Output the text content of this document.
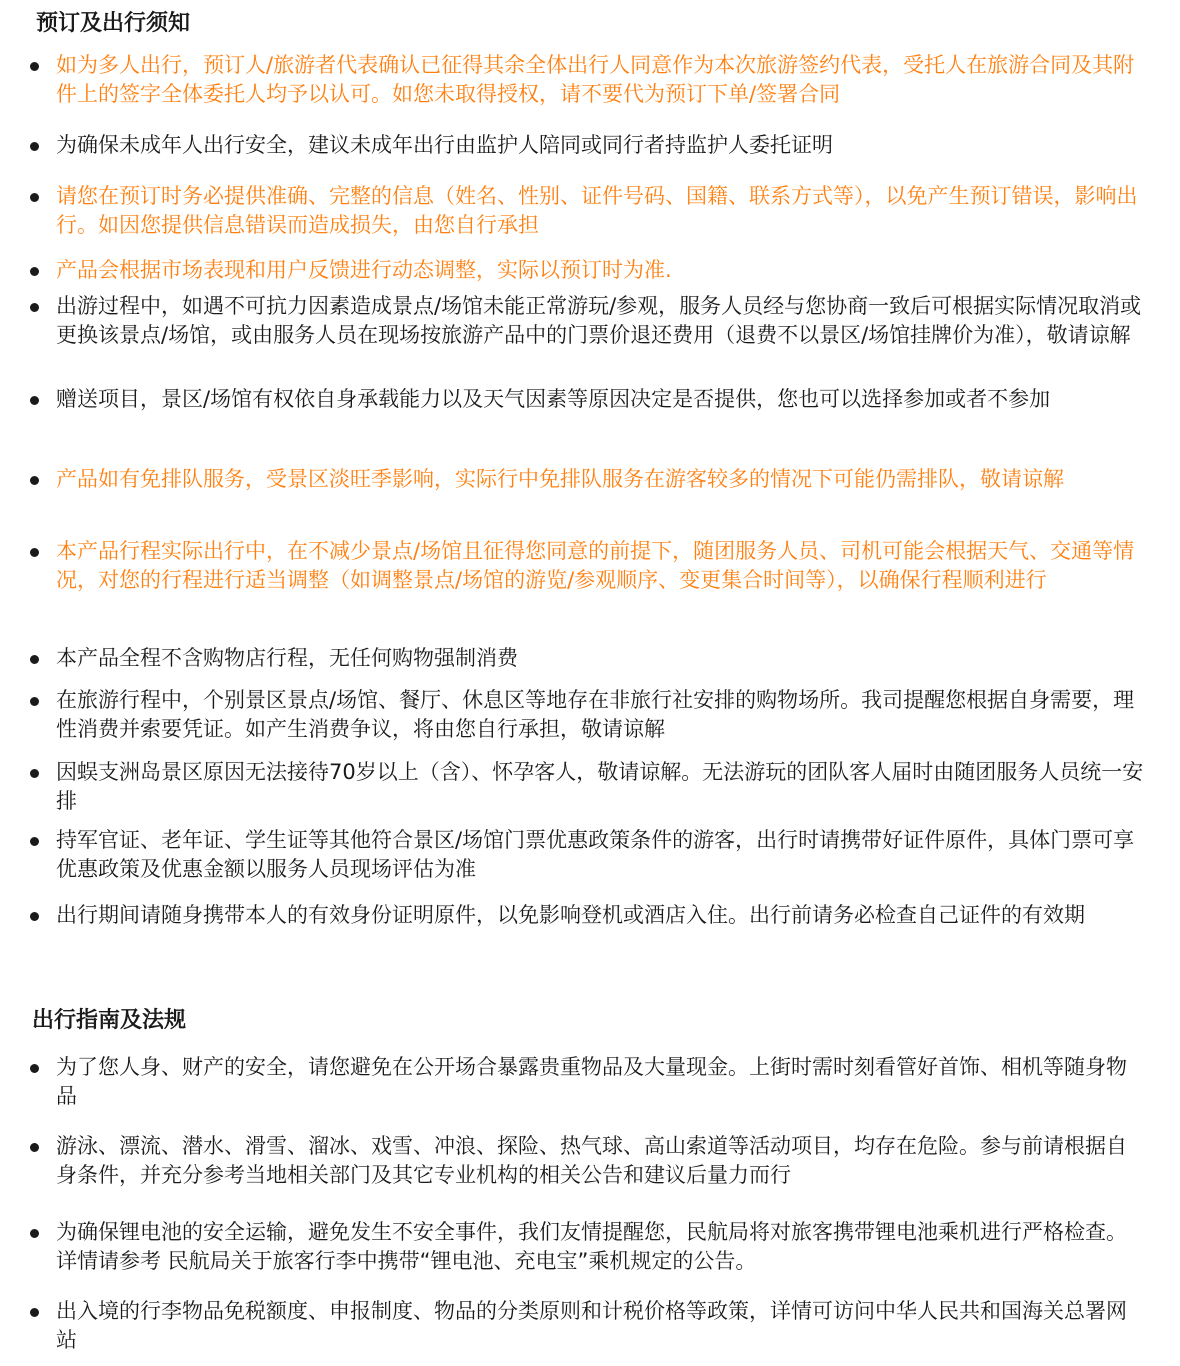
预订及出行须知
如为多人出行，预订人/旅游者代表确认已征得其余全体出行人同意作为本次旅游签约代表，受托人在旅游合同及其附件上的签字全体委托人均予以认可。如您未取得授权，请不要代为预订下单/签署合同
为确保未成年人出行安全，建议未成年出行由监护人陪同或同行者持监护人委托证明
请您在预订时务必提供准确、完整的信息（姓名、性别、证件号码、国籍、联系方式等），以免产生预订错误，影响出行。如因您提供信息错误而造成损失，由您自行承担
产品会根据市场表现和用户反馈进行动态调整，实际以预订时为准.
出游过程中，如遇不可抗力因素造成景点/场馆未能正常游玩/参观，服务人员经与您协商一致后可根据实际情况取消或更换该景点/场馆，或由服务人员在现场按旅游产品中的门票价退还费用（退费不以景区/场馆挂牌价为准），敬请谅解
赠送项目，景区/场馆有权依自身承载能力以及天气因素等原因决定是否提供，您也可以选择参加或者不参加
产品如有免排队服务，受景区淡旺季影响，实际行中免排队服务在游客较多的情况下可能仍需排队，敬请谅解
本产品行程实际出行中，在不减少景点/场馆且征得您同意的前提下，随团服务人员、司机可能会根据天气、交通等情况，对您的行程进行适当调整（如调整景点/场馆的游览/参观顺序、变更集合时间等），以确保行程顺利进行
本产品全程不含购物店行程，无任何购物强制消费
在旅游行程中，个别景区景点/场馆、餐厅、休息区等地存在非旅行社安排的购物场所。我司提醒您根据自身需要，理性消费并索要凭证。如产生消费争议，将由您自行承担，敬请谅解
因蜈支洲岛景区原因无法接待70岁以上（含）、怀孕客人，敬请谅解。无法游玩的团队客人届时由随团服务人员统一安排
持军官证、老年证、学生证等其他符合景区/场馆门票优惠政策条件的游客，出行时请携带好证件原件，具体门票可享优惠政策及优惠金额以服务人员现场评估为准
出行期间请随身携带本人的有效身份证明原件，以免影响登机或酒店入住。出行前请务必检查自己证件的有效期
出行指南及法规
为了您人身、财产的安全，请您避免在公开场合暴露贵重物品及大量现金。上街时需时刻看管好首饰、相机等随身物品
游泳、漂流、潜水、滑雪、溜冰、戏雪、冲浪、探险、热气球、高山索道等活动项目，均存在危险。参与前请根据自身条件，并充分参考当地相关部门及其它专业机构的相关公告和建议后量力而行
为确保锂电池的安全运输，避免发生不安全事件，我们友情提醒您，民航局将对旅客携带锂电池乘机进行严格检查。详情请参考 民航局关于旅客行李中携带“锂电池、充电宝”乘机规定的公告。
出入境的行李物品免税额度、申报制度、物品的分类原则和计税价格等政策，详情可访问中华人民共和国海关总署网站
